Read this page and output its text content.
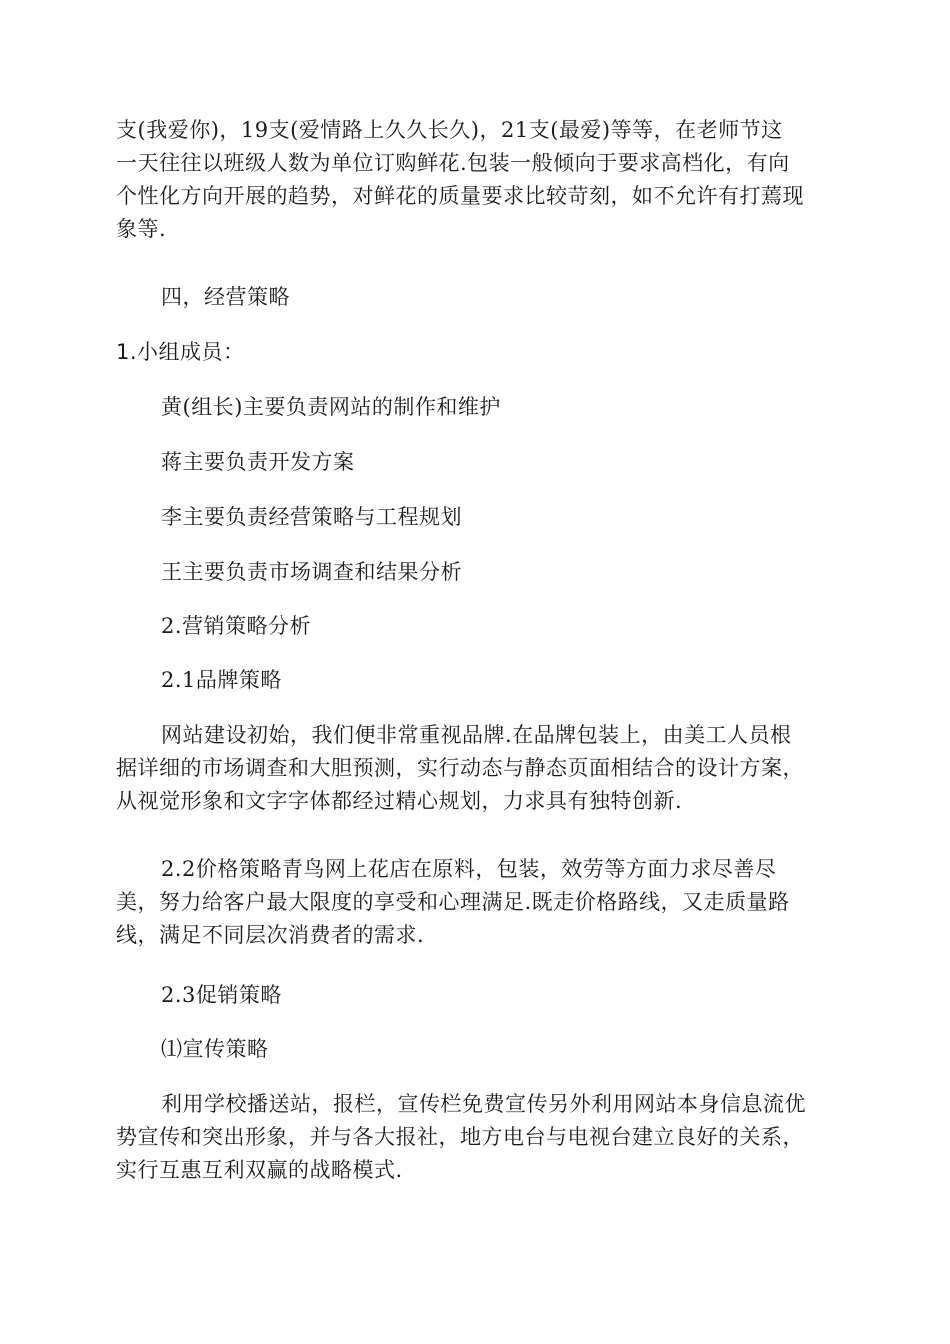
支(我爱你)，19支(爱情路上久久长久)，21支(最爱)等等，在老师节这
一天往往以班级人数为单位订购鲜花.包装一般倾向于要求高档化，有向
个性化方向开展的趋势，对鲜花的质量要求比较苛刻，如不允许有打蔫现
象等.

四，经营策略

1.小组成员：

黄(组长)主要负责网站的制作和维护

蒋主要负责开发方案

李主要负责经营策略与工程规划

王主要负责市场调查和结果分析

2.营销策略分析

2.1品牌策略

网站建设初始，我们便非常重视品牌.在品牌包装上，由美工人员根
据详细的市场调查和大胆预测，实行动态与静态页面相结合的设计方案，
从视觉形象和文字字体都经过精心规划，力求具有独特创新.
2.2价格策略青鸟网上花店在原料，包装，效劳等方面力求尽善尽
美，努力给客户最大限度的享受和心理满足.既走价格路线，又走质量路
线，满足不同层次消费者的需求.

2.3促销策略

⑴宣传策略

利用学校播送站，报栏，宣传栏免费宣传另外利用网站本身信息流优
势宣传和突出形象，并与各大报社，地方电台与电视台建立良好的关系，
实行互惠互利双赢的战略模式.
